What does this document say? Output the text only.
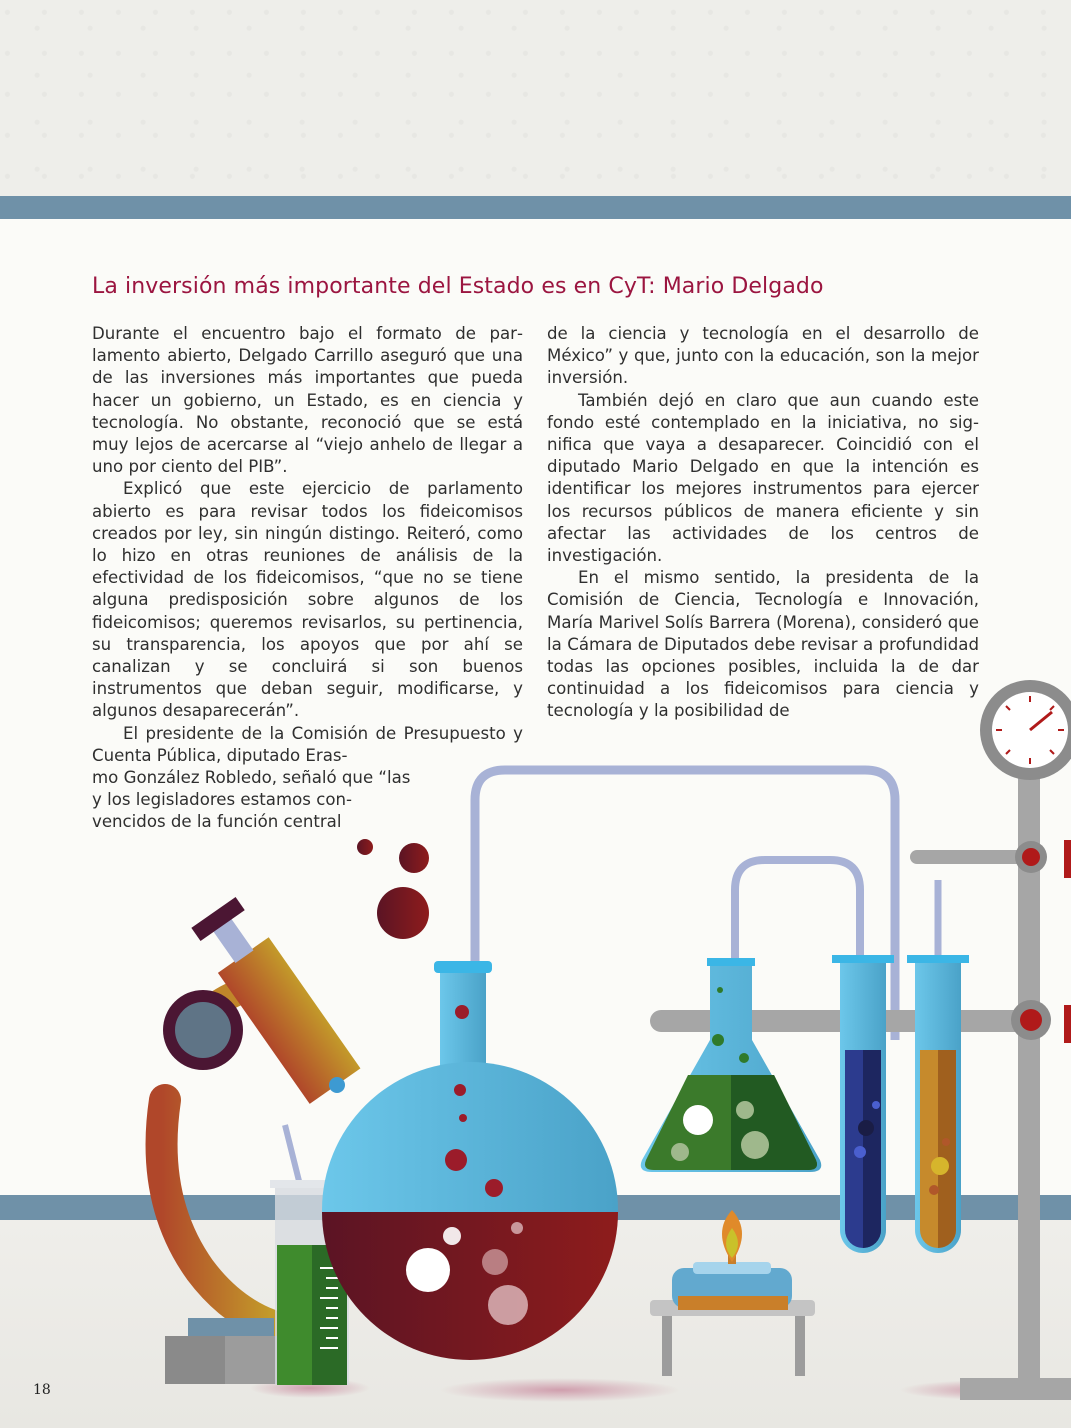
La inversión más importante del Estado es en CyT: Mario Delgado

Durante el encuentro bajo el formato de parlamento abierto, Delgado Carrillo aseguró que una de las inversiones más importantes que pueda hacer un gobierno, un Estado, es en ciencia y tecnología. No obstante, reconoció que se está muy lejos de acercarse al “viejo anhelo de llegar a uno por ciento del PIB”.

Explicó que este ejercicio de parlamento abierto es para revisar todos los fideicomisos creados por ley, sin ningún distingo. Reiteró, como lo hizo en otras reuniones de análisis de la efectividad de los fideicomisos, “que no se tiene alguna predisposición sobre algunos de los fideicomisos; queremos revisarlos, su pertinencia, su transparencia, los apoyos que por ahí se canalizan y se concluirá si son buenos instrumentos que deban seguir, modificarse, y algunos desaparecerán”.

El presidente de la Comisión de Presupuesto y Cuenta Pública, diputado Eras-

mo González Robledo, señaló que “las
y los legisladores estamos con-
vencidos de la función central

de la ciencia y tecnología en el desarrollo de México” y que, junto con la educación, son la mejor inversión.

También dejó en claro que aun cuando este fondo esté contemplado en la iniciativa, no significa que vaya a desaparecer. Coincidió con el diputado Mario Delgado en que la intención es identificar los mejores instrumentos para ejercer los recursos públicos de manera eficiente y sin afectar las actividades de los centros de investigación.

En el mismo sentido, la presidenta de la Comisión de Ciencia, Tecnología e Innovación, María Marivel Solís Barrera (Morena), consideró que la Cámara de Diputados debe revisar a profundidad todas las opciones posibles, incluida la de dar continuidad a los fideicomisos para ciencia y tecnología y la posibilidad de

18
